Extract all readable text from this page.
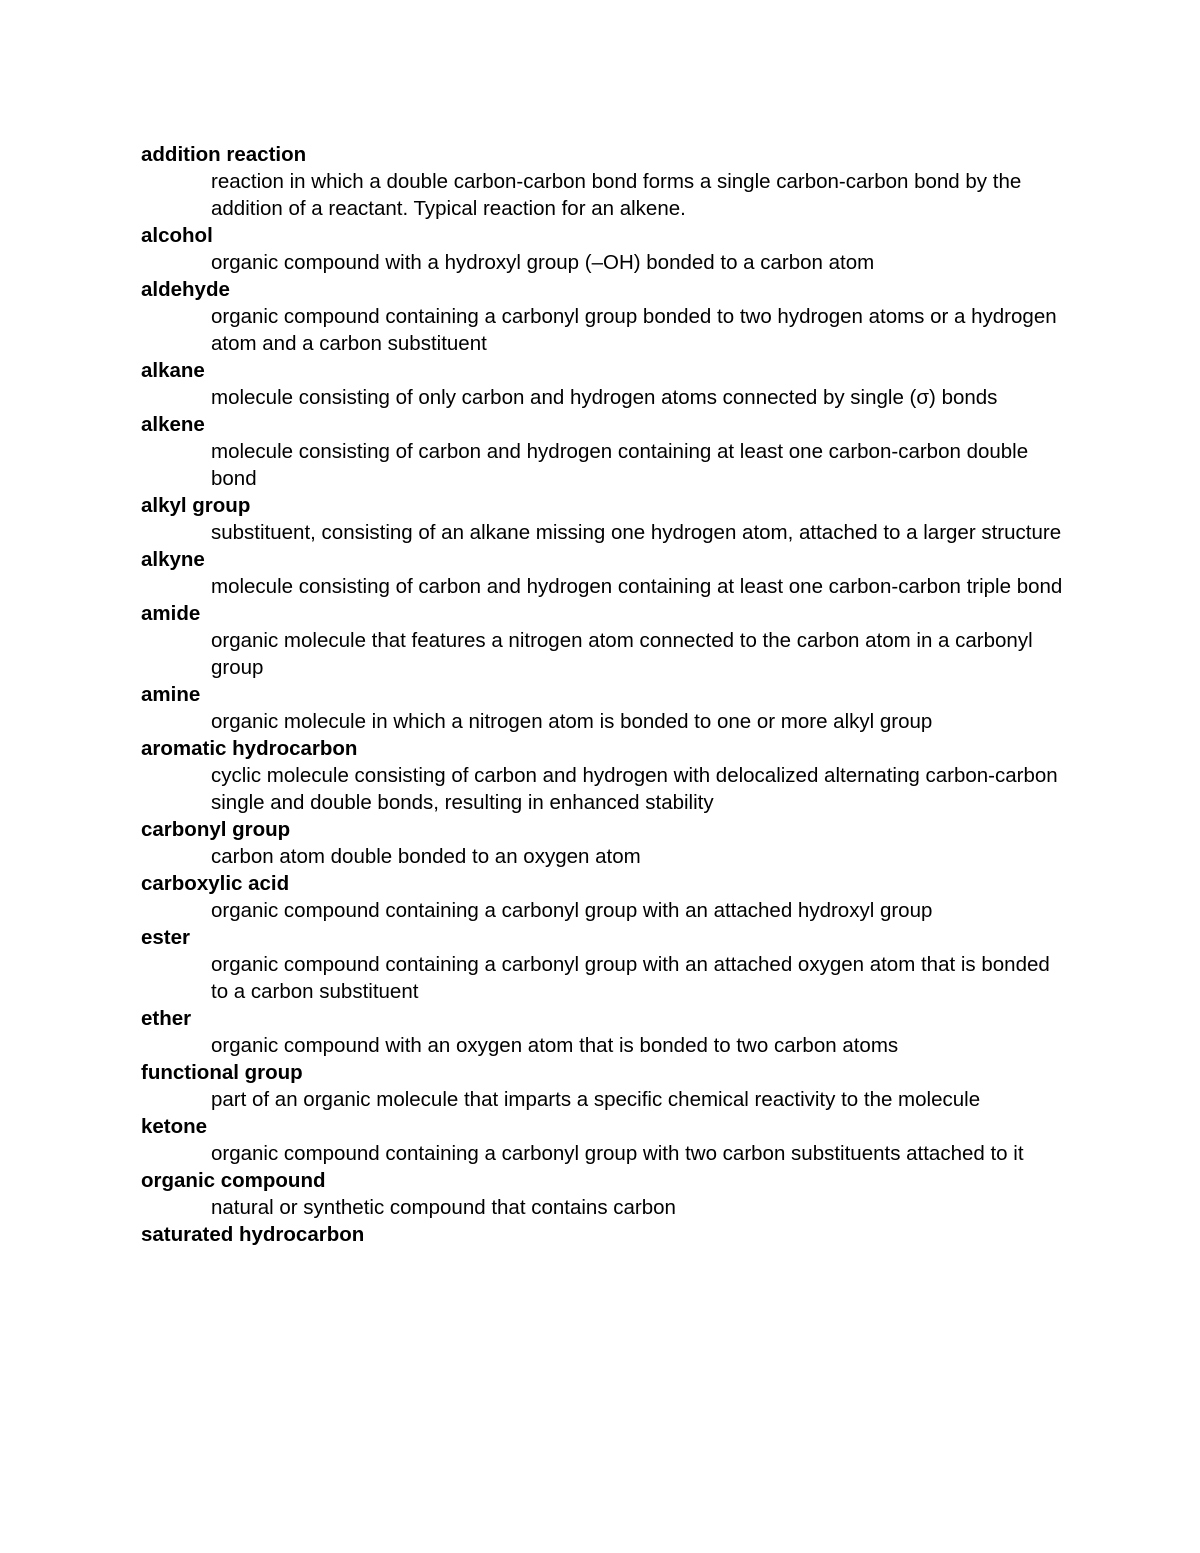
addition reaction
reaction in which a double carbon-carbon bond forms a single carbon-carbon bond by the addition of a reactant. Typical reaction for an alkene.
alcohol
organic compound with a hydroxyl group (–OH) bonded to a carbon atom
aldehyde
organic compound containing a carbonyl group bonded to two hydrogen atoms or a hydrogen atom and a carbon substituent
alkane
molecule consisting of only carbon and hydrogen atoms connected by single (σ) bonds
alkene
molecule consisting of carbon and hydrogen containing at least one carbon-carbon double bond
alkyl group
substituent, consisting of an alkane missing one hydrogen atom, attached to a larger structure
alkyne
molecule consisting of carbon and hydrogen containing at least one carbon-carbon triple bond
amide
organic molecule that features a nitrogen atom connected to the carbon atom in a carbonyl group
amine
organic molecule in which a nitrogen atom is bonded to one or more alkyl group
aromatic hydrocarbon
cyclic molecule consisting of carbon and hydrogen with delocalized alternating carbon-carbon single and double bonds, resulting in enhanced stability
carbonyl group
carbon atom double bonded to an oxygen atom
carboxylic acid
organic compound containing a carbonyl group with an attached hydroxyl group
ester
organic compound containing a carbonyl group with an attached oxygen atom that is bonded to a carbon substituent
ether
organic compound with an oxygen atom that is bonded to two carbon atoms
functional group
part of an organic molecule that imparts a specific chemical reactivity to the molecule
ketone
organic compound containing a carbonyl group with two carbon substituents attached to it
organic compound
natural or synthetic compound that contains carbon
saturated hydrocarbon
